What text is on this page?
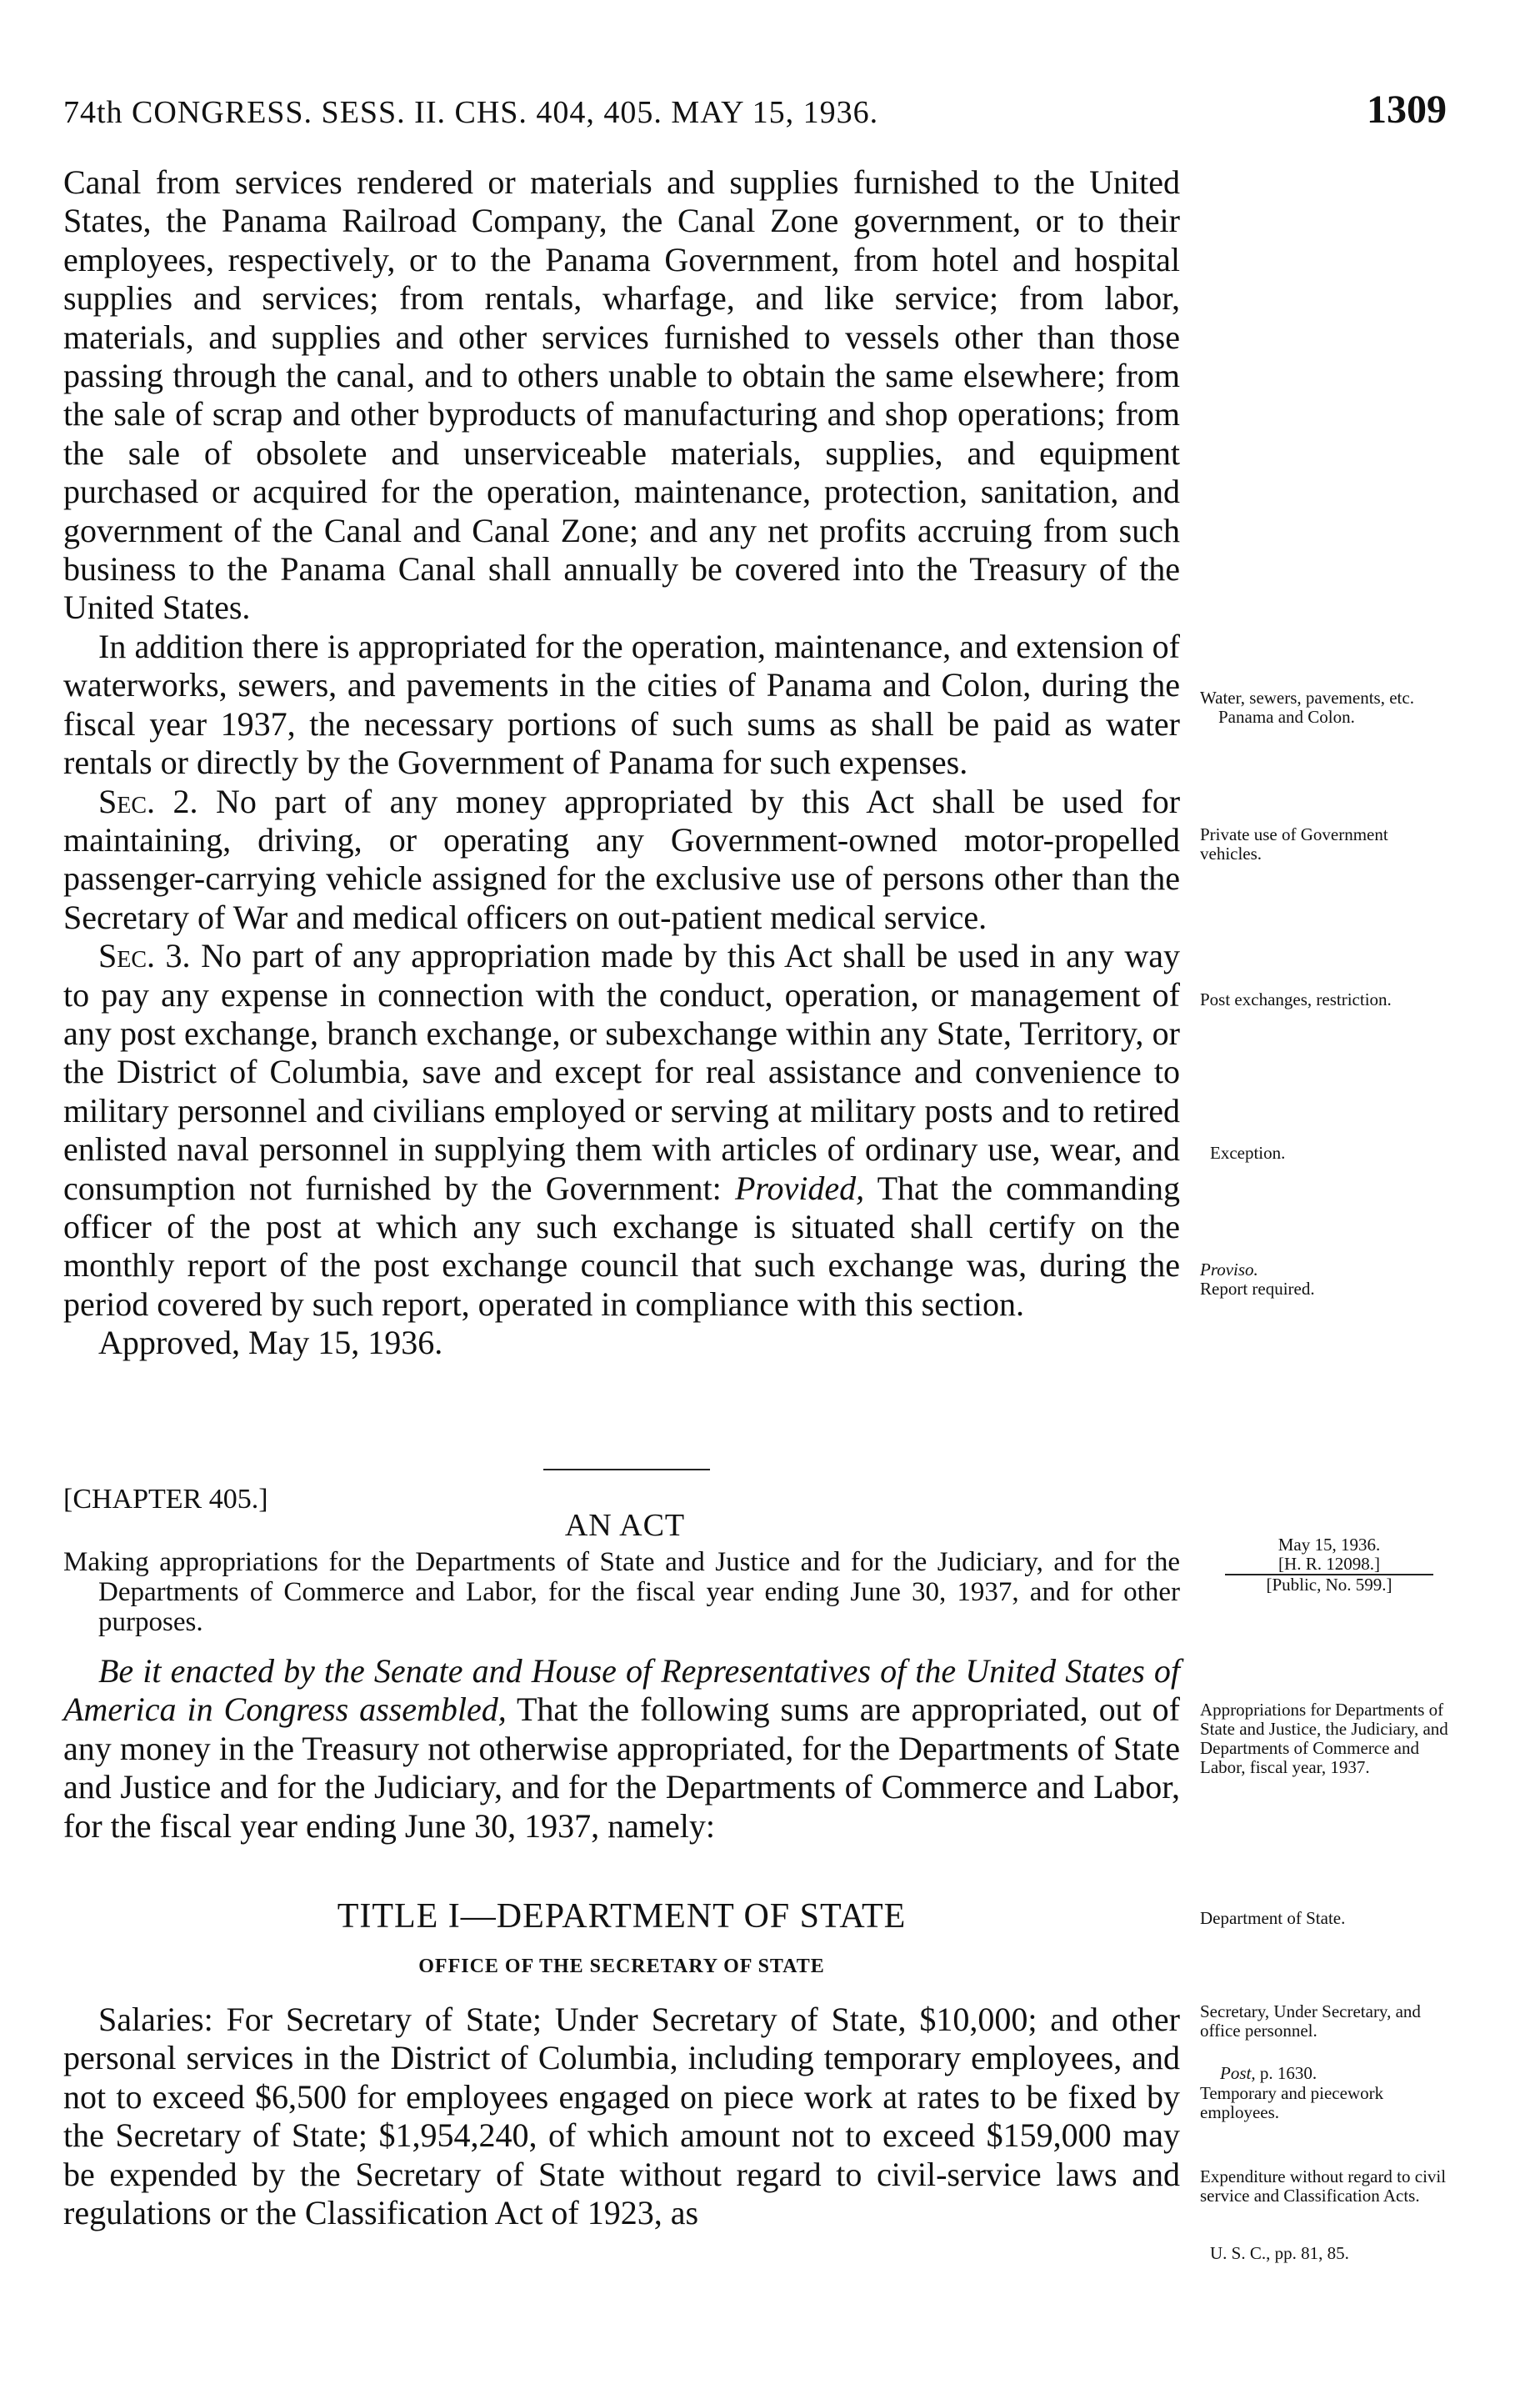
74th CONGRESS. SESS. II. CHS. 404, 405. MAY 15, 1936.	1309

Canal from services rendered or materials and supplies furnished to the United States, the Panama Railroad Company, the Canal Zone government, or to their employees, respectively, or to the Panama Government, from hotel and hospital supplies and services; from rentals, wharfage, and like service; from labor, materials, and supplies and other services furnished to vessels other than those passing through the canal, and to others unable to obtain the same elsewhere; from the sale of scrap and other byproducts of manufacturing and shop operations; from the sale of obsolete and unserviceable materials, supplies, and equipment purchased or acquired for the operation, maintenance, protection, sanitation, and government of the Canal and Canal Zone; and any net profits accruing from such business to the Panama Canal shall annually be covered into the Treasury of the United States.

In addition there is appropriated for the operation, maintenance, and extension of waterworks, sewers, and pavements in the cities of Panama and Colon, during the fiscal year 1937, the necessary portions of such sums as shall be paid as water rentals or directly by the Government of Panama for such expenses.

Sec. 2. No part of any money appropriated by this Act shall be used for maintaining, driving, or operating any Government-owned motor-propelled passenger-carrying vehicle assigned for the exclusive use of persons other than the Secretary of War and medical officers on out-patient medical service.

Sec. 3. No part of any appropriation made by this Act shall be used in any way to pay any expense in connection with the conduct, operation, or management of any post exchange, branch exchange, or subexchange within any State, Territory, or the District of Columbia, save and except for real assistance and convenience to military personnel and civilians employed or serving at military posts and to retired enlisted naval personnel in supplying them with articles of ordinary use, wear, and consumption not furnished by the Government: Provided, That the commanding officer of the post at which any such exchange is situated shall certify on the monthly report of the post exchange council that such exchange was, during the period covered by such report, operated in compliance with this section.

Approved, May 15, 1936.

Water, sewers, pavements, etc.
Panama and Colon.
Private use of Government vehicles.
Post exchanges, restriction.
Exception.
Proviso.
Report required.
[CHAPTER 405.]
AN ACT
May 15, 1936.
[H. R. 12098.]
[Public, No. 599.]
Making appropriations for the Departments of State and Justice and for the Judiciary, and for the Departments of Commerce and Labor, for the fiscal year ending June 30, 1937, and for other purposes.
Be it enacted by the Senate and House of Representatives of the United States of America in Congress assembled, That the following sums are appropriated, out of any money in the Treasury not otherwise appropriated, for the Departments of State and Justice and for the Judiciary, and for the Departments of Commerce and Labor, for the fiscal year ending June 30, 1937, namely:
Appropriations for Departments of State and Justice, the Judiciary, and Departments of Commerce and Labor, fiscal year, 1937.
TITLE I—DEPARTMENT OF STATE	Department of State.
OFFICE OF THE SECRETARY OF STATE
Salaries: For Secretary of State; Under Secretary of State, $10,000; and other personal services in the District of Columbia, including temporary employees, and not to exceed $6,500 for employees engaged on piece work at rates to be fixed by the Secretary of State; $1,954,240, of which amount not to exceed $159,000 may be expended by the Secretary of State without regard to civil-service laws and regulations or the Classification Act of 1923, as
Secretary, Under Secretary, and office personnel.
Post, p. 1630.
Temporary and piecework employees.
Expenditure without regard to civil service and Classification Acts.
U. S. C., pp. 81, 85.
